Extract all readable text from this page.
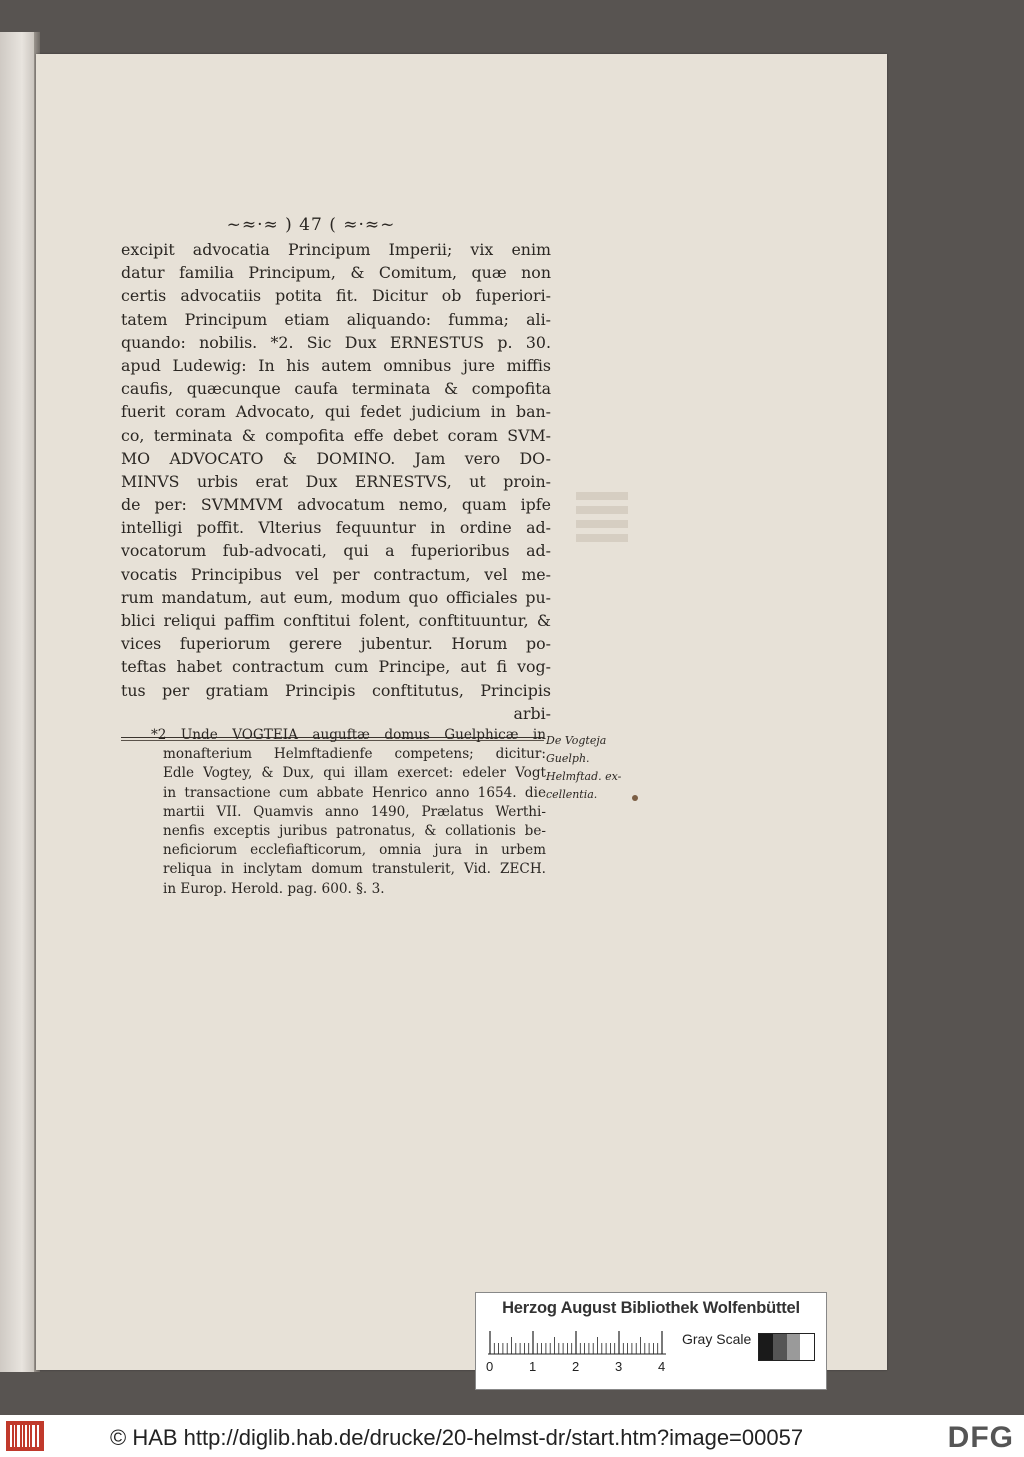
~≈·≈ ) 47 ( ≈·≈~
excipit advocatia Principum Imperii; vix enim
datur familia Principum, & Comitum, quæ non
certis advocatiis potita fit. Dicitur ob fuperiori-
tatem Principum etiam aliquando: fumma; ali-
quando: nobilis. *2. Sic Dux ERNESTUS p. 30.
apud Ludewig: In his autem omnibus jure miffis
caufis, quæcunque caufa terminata & compofita
fuerit coram Advocato, qui fedet judicium in ban-
co, terminata & compofita effe debet coram SVM-
MO ADVOCATO & DOMINO. Jam vero DO-
MINVS urbis erat Dux ERNESTVS, ut proin-
de per: SVMMVM advocatum nemo, quam ipfe
intelligi poffit. Vlterius fequuntur in ordine ad-
vocatorum fub-advocati, qui a fuperioribus ad-
vocatis Principibus vel per contractum, vel me-
rum mandatum, aut eum, modum quo officiales pu-
blici reliqui paffim conftitui folent, conftituuntur, &
vices fuperiorum gerere jubentur. Horum po-
teftas habet contractum cum Principe, aut fi vog-
tus per gratiam Principis conftitutus, Principis
arbi-
*2 Unde VOGTEIA auguftæ domus Guelphicæ in
monafterium Helmftadienfe competens; dicitur:
Edle Vogtey, & Dux, qui illam exercet: edeler Vogt
in transactione cum abbate Henrico anno 1654. die
martii VII. Quamvis anno 1490, Prælatus Werthi-
nenfis exceptis juribus patronatus, & collationis be-
neficiorum ecclefiafticorum, omnia jura in urbem
reliqua in inclytam domum transtulerit, Vid. ZECH.
in Europ. Herold. pag. 600. §. 3.
De Vogteja
Guelph.
Helmftad. ex-
cellentia.
Herzog August Bibliothek Wolfenbüttel
0	1	2	3	4
Gray Scale
© HAB http://diglib.hab.de/drucke/20-helmst-dr/start.htm?image=00057	DFG
